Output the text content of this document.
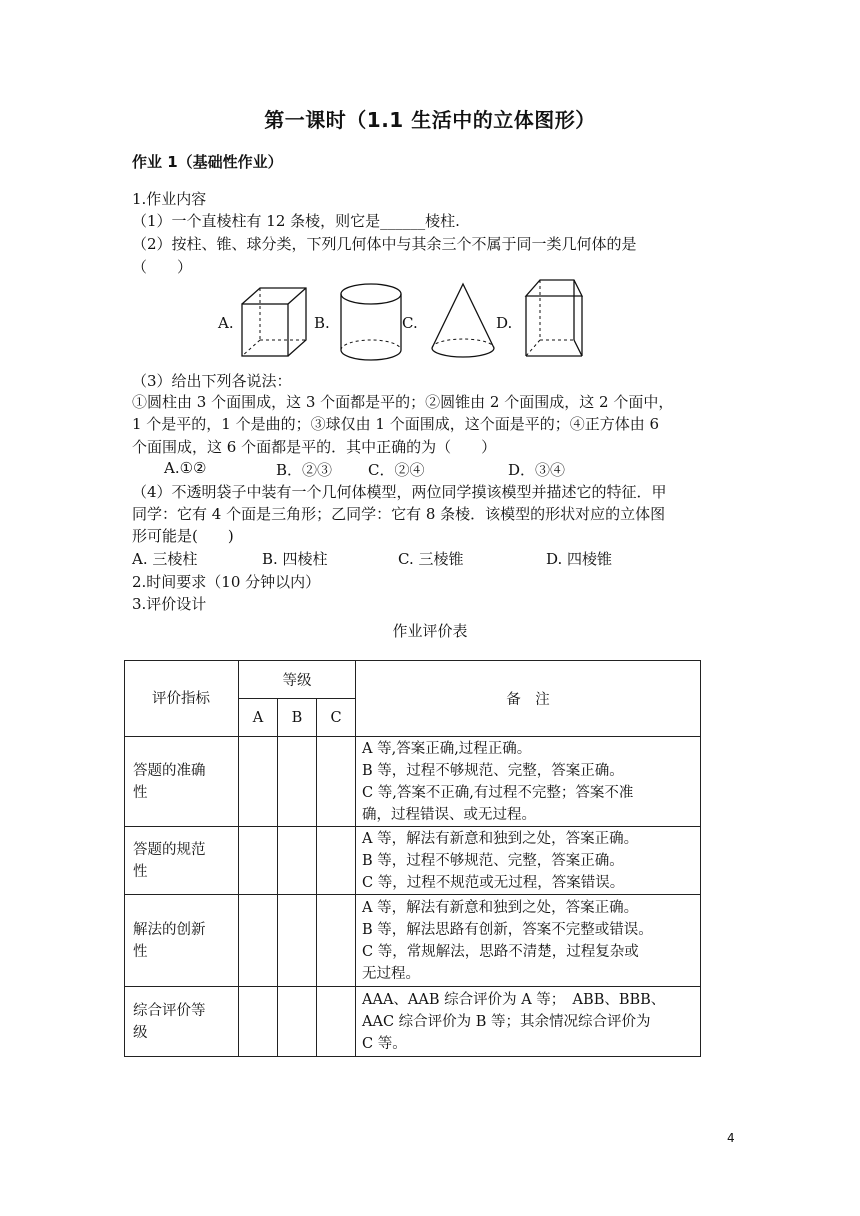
第一课时（1.1 生活中的立体图形）
作业 1（基础性作业）
1.作业内容
（1）一个直棱柱有 12 条棱，则它是______棱柱.
（2）按柱、锥、球分类，下列几何体中与其余三个不属于同一类几何体的是
（　　）
A.	B.	C.	D.
（3）给出下列各说法：
①圆柱由 3 个面围成，这 3 个面都是平的；②圆锥由 2 个面围成，这 2 个面中，
1 个是平的，1 个是曲的；③球仅由 1 个面围成，这个面是平的；④正方体由 6
个面围成，这 6 个面都是平的．其中正确的为（　　）
A.①②	B．②③ C．②④	D．③④
（4）不透明袋子中装有一个几何体模型，两位同学摸该模型并描述它的特征．甲
同学：它有 4 个面是三角形；乙同学：它有 8 条棱．该模型的形状对应的立体图
形可能是(　　)
A. 三棱柱	B. 四棱柱	C. 三棱锥	D. 四棱锥
2.时间要求（10 分钟以内）
3.评价设计
作业评价表
评价指标	等级			备　注
	A	B	C	
答题的准确
性				A 等,答案正确,过程正确。
B 等，过程不够规范、完整，答案正确。
C 等,答案不正确,有过程不完整；答案不准
确，过程错误、或无过程。
答题的规范
性				A 等，解法有新意和独到之处，答案正确。
B 等，过程不够规范、完整，答案正确。
C 等，过程不规范或无过程，答案错误。
解法的创新
性				A 等，解法有新意和独到之处，答案正确。
B 等，解法思路有创新，答案不完整或错误。
C 等，常规解法，思路不清楚，过程复杂或
无过程。
综合评价等
级				AAA、AAB 综合评价为 A 等；　ABB、BBB、
AAC 综合评价为 B 等；其余情况综合评价为
C 等。
4
